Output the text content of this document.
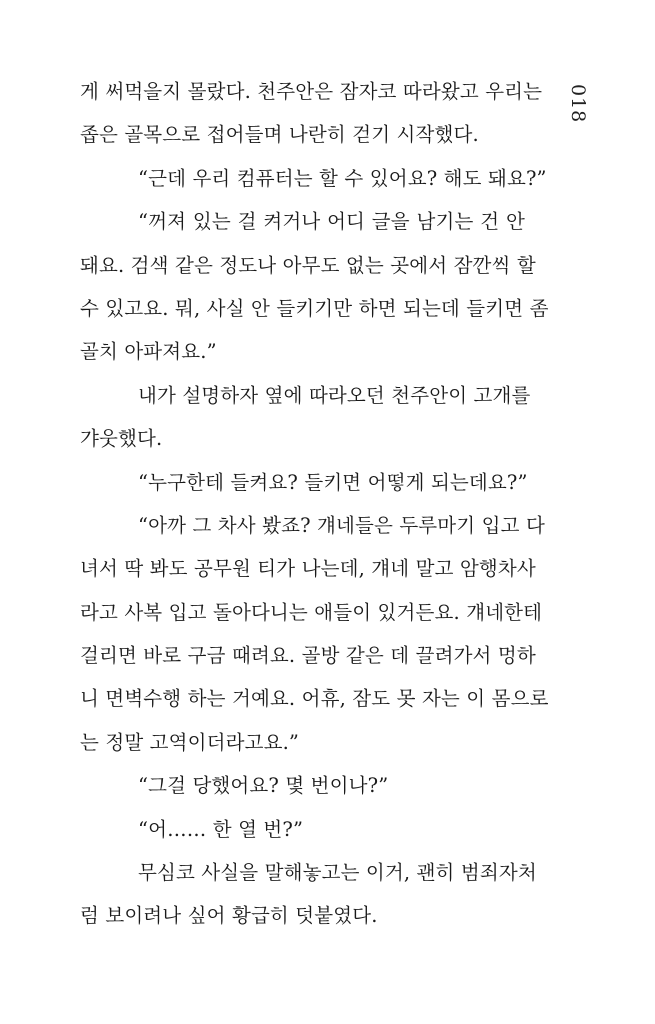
018
게 써먹을지 몰랐다. 천주안은 잠자코 따라왔고 우리는
좁은 골목으로 접어들며 나란히 걷기 시작했다.
“근데 우리 컴퓨터는 할 수 있어요? 해도 돼요?”
“꺼져 있는 걸 켜거나 어디 글을 남기는 건 안
돼요. 검색 같은 정도나 아무도 없는 곳에서 잠깐씩 할
수 있고요. 뭐, 사실 안 들키기만 하면 되는데 들키면 좀
골치 아파져요.”
내가 설명하자 옆에 따라오던 천주안이 고개를
갸웃했다.
“누구한테 들켜요? 들키면 어떻게 되는데요?”
“아까 그 차사 봤죠? 걔네들은 두루마기 입고 다
녀서 딱 봐도 공무원 티가 나는데, 걔네 말고 암행차사
라고 사복 입고 돌아다니는 애들이 있거든요. 걔네한테
걸리면 바로 구금 때려요. 골방 같은 데 끌려가서 멍하
니 면벽수행 하는 거예요. 어휴, 잠도 못 자는 이 몸으로
는 정말 고역이더라고요.”
“그걸 당했어요? 몇 번이나?”
“어…… 한 열 번?”
무심코 사실을 말해놓고는 이거, 괜히 범죄자처
럼 보이려나 싶어 황급히 덧붙였다.
